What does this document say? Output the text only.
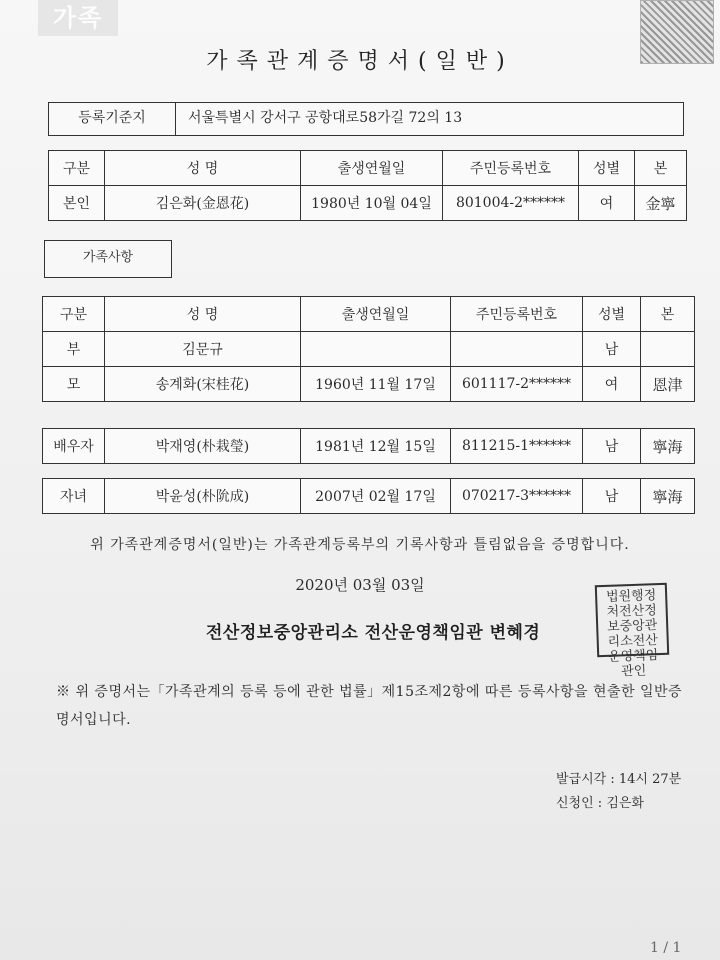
가족
가족관계증명서(일반)
등록기준지	서울특별시 강서구 공항대로58가길 72의 13
구분	성 명	출생연월일	주민등록번호	성별	본
본인	김은화(金恩花)	1980년 10월 04일	801004-2******	여	金寧
가족사항
구분	성 명	출생연월일	주민등록번호	성별	본
부	김문규			남	
모	송계화(宋桂花)	1960년 11월 17일	601117-2******	여	恩津
배우자	박재영(朴栽瑩)	1981년 12월 15일	811215-1******	남	寧海
자녀	박윤성(朴阭成)	2007년 02월 17일	070217-3******	남	寧海
위 가족관계증명서(일반)는 가족관계등록부의 기록사항과 틀림없음을 증명합니다.
2020년 03월 03일
전산정보중앙관리소 전산운영책임관 변혜경
법원행정처전산정보중앙관리소전산운영책임관인
※ 위 증명서는「가족관계의 등록 등에 관한 법률」제15조제2항에 따른 등록사항을 현출한 일반증명서입니다.
발급시각 : 14시 27분
신청인 : 김은화
1 / 1
